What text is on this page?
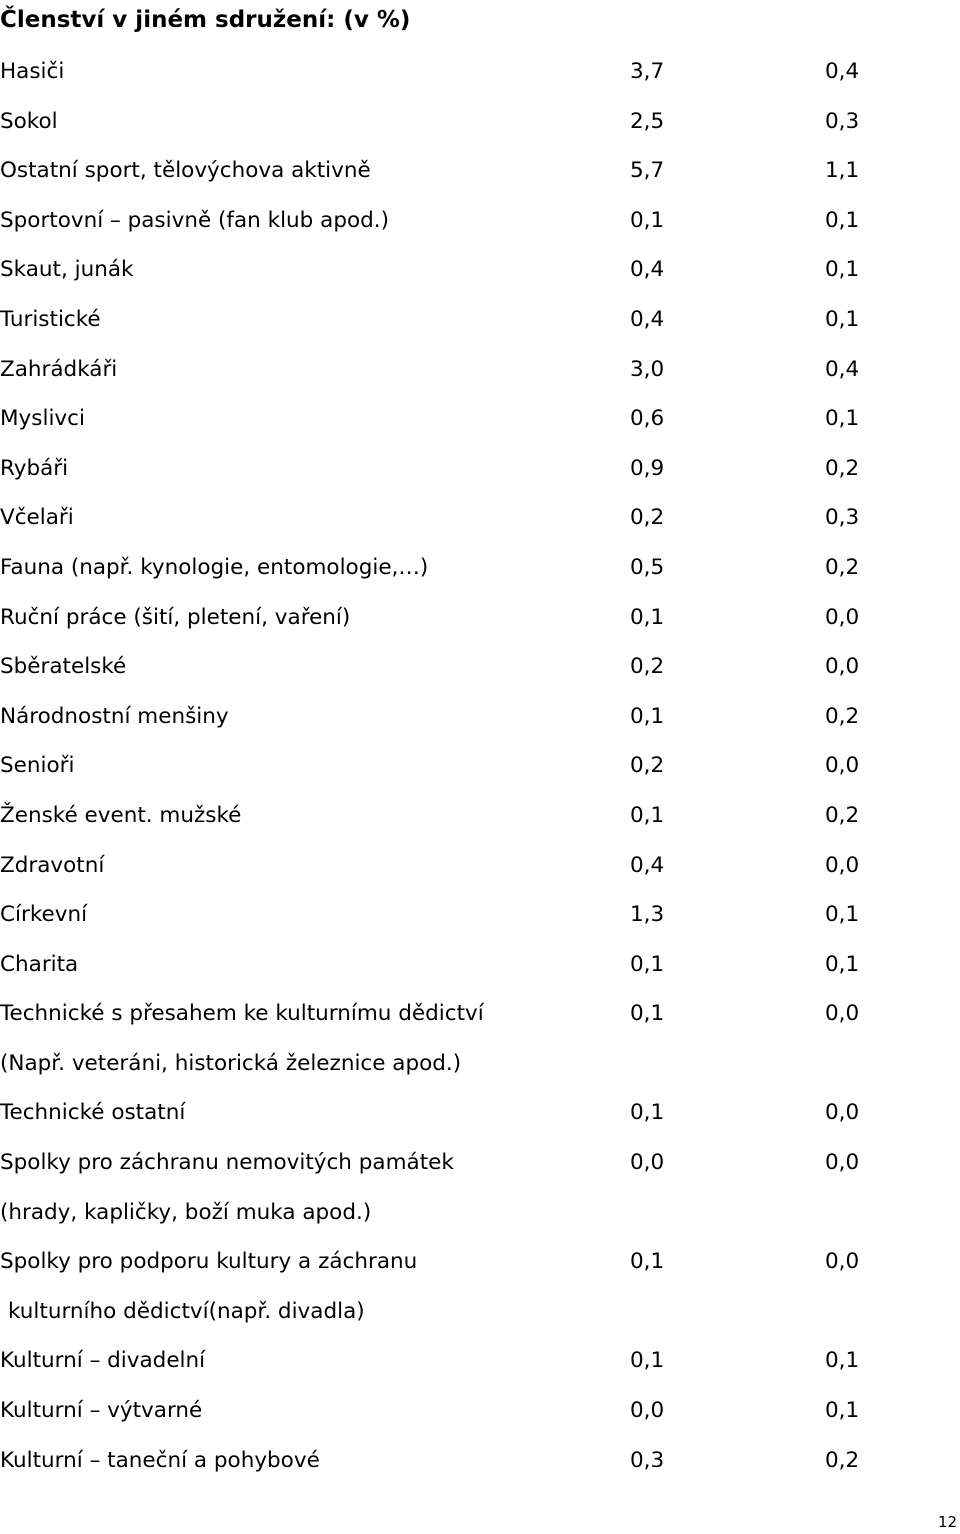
Členství v jiném sdružení: (v %)
Hasiči	3,7	0,4
Sokol	2,5	0,3
Ostatní sport, tělovýchova aktivně	5,7	1,1
Sportovní – pasivně (fan klub apod.)	0,1	0,1
Skaut, junák	0,4	0,1
Turistické	0,4	0,1
Zahrádkáři	3,0	0,4
Myslivci	0,6	0,1
Rybáři	0,9	0,2
Včelaři	0,2	0,3
Fauna (např. kynologie, entomologie,…)	0,5	0,2
Ruční práce (šití, pletení, vaření)	0,1	0,0
Sběratelské	0,2	0,0
Národnostní menšiny	0,1	0,2
Senioři	0,2	0,0
Ženské event. mužské	0,1	0,2
Zdravotní	0,4	0,0
Církevní	1,3	0,1
Charita	0,1	0,1
Technické s přesahem ke kulturnímu dědictví	0,1	0,0
(Např. veteráni, historická železnice apod.)
Technické ostatní	0,1	0,0
Spolky pro záchranu nemovitých památek	0,0	0,0
(hrady, kapličky, boží muka apod.)
Spolky pro podporu kultury a záchranu	0,1	0,0
kulturního dědictví(např. divadla)
Kulturní – divadelní	0,1	0,1
Kulturní – výtvarné	0,0	0,1
Kulturní – taneční a pohybové	0,3	0,2
12
